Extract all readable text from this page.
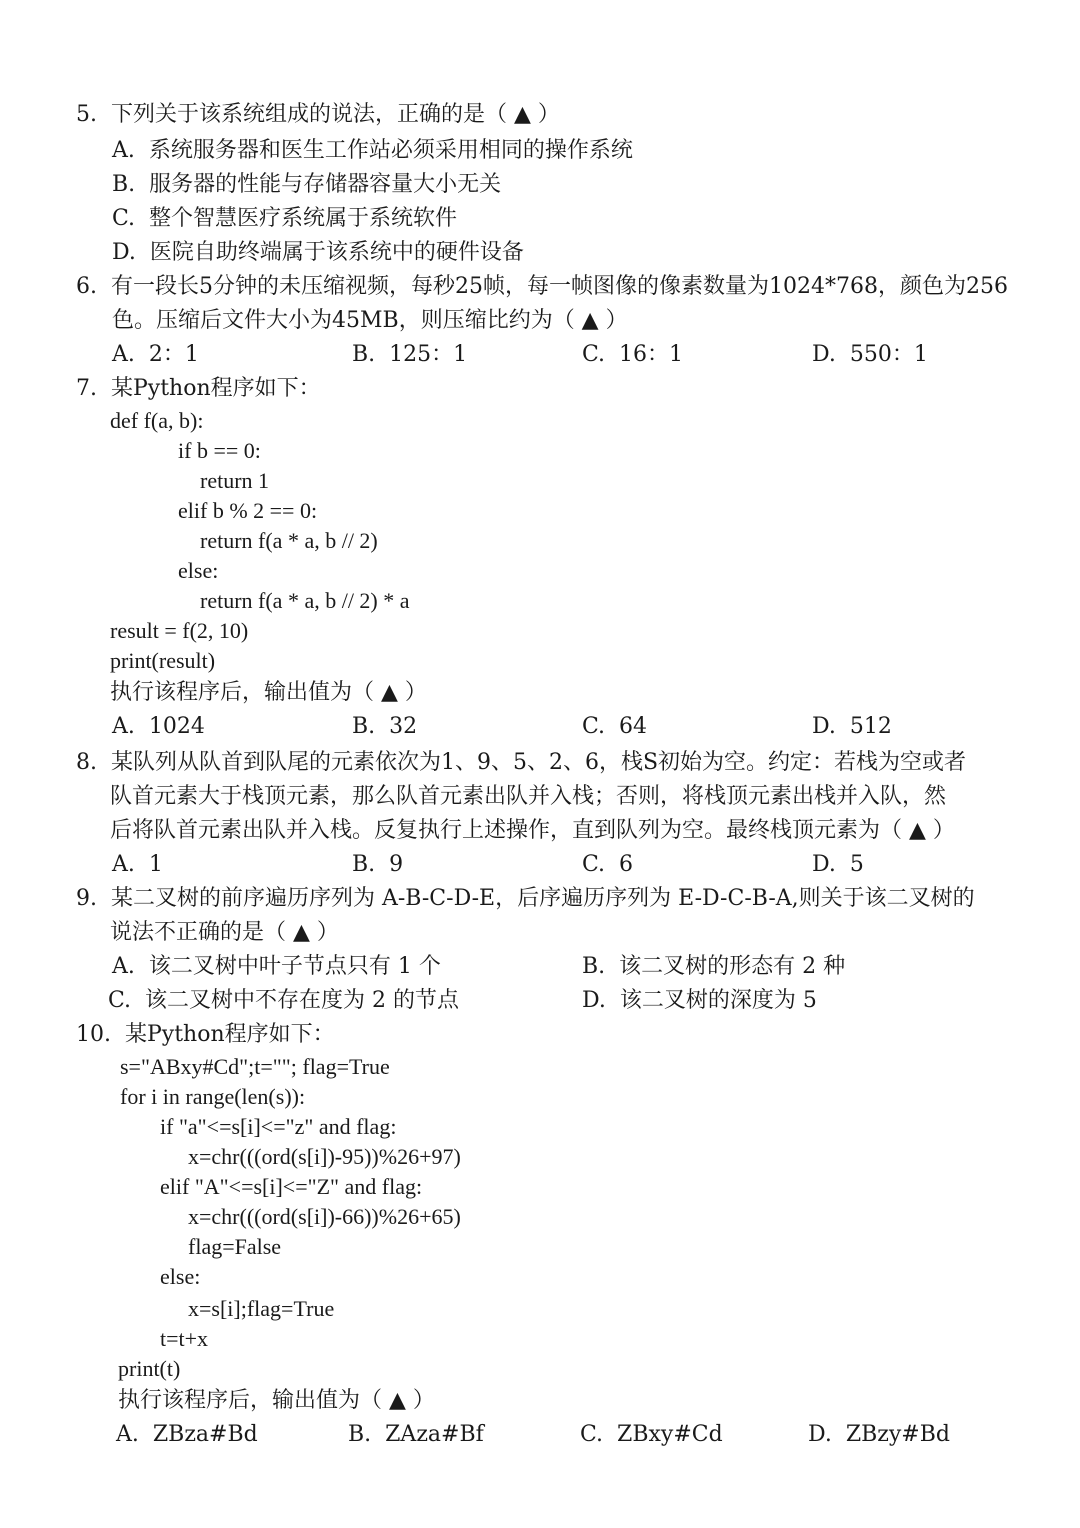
5.  下列关于该系统组成的说法，正确的是（ ▲ ）
A.  系统服务器和医生工作站必须采用相同的操作系统
B.  服务器的性能与存储器容量大小无关
C.  整个智慧医疗系统属于系统软件
D.  医院自助终端属于该系统中的硬件设备
6.  有一段长5分钟的未压缩视频，每秒25帧，每一帧图像的像素数量为1024*768，颜色为256
色。压缩后文件大小为45MB，则压缩比约为（ ▲ ）
A.  2：1	B.  125：1	C.  16：1	D.  550：1
7.  某Python程序如下：
def f(a, b):
if b == 0:
return 1
elif b % 2 == 0:
return f(a * a, b // 2)
else:
return f(a * a, b // 2) * a
result = f(2, 10)
print(result)
执行该程序后，输出值为（ ▲ ）
A.  1024	B.  32	C.  64	D.  512
8.  某队列从队首到队尾的元素依次为1、9、5、2、6，栈S初始为空。约定：若栈为空或者
队首元素大于栈顶元素，那么队首元素出队并入栈；否则，将栈顶元素出栈并入队，然
后将队首元素出队并入栈。反复执行上述操作，直到队列为空。最终栈顶元素为（ ▲ ）
A.  1	B.  9	C.  6	D.  5
9.  某二叉树的前序遍历序列为 A-B-C-D-E，后序遍历序列为 E-D-C-B-A,则关于该二叉树的
说法不正确的是（ ▲ ）
A.  该二叉树中叶子节点只有 1 个	B.  该二叉树的形态有 2 种
C.  该二叉树中不存在度为 2 的节点	D.  该二叉树的深度为 5
10.  某Python程序如下：
s="ABxy#Cd";t=""; flag=True
for i in range(len(s)):
if "a"<=s[i]<="z" and flag:
x=chr(((ord(s[i])-95))%26+97)
elif "A"<=s[i]<="Z" and flag:
x=chr(((ord(s[i])-66))%26+65)
flag=False
else:
x=s[i];flag=True
t=t+x
print(t)
执行该程序后，输出值为（ ▲ ）
A.  ZBza#Bd	B.  ZAza#Bf	C.  ZBxy#Cd	D.  ZBzy#Bd
